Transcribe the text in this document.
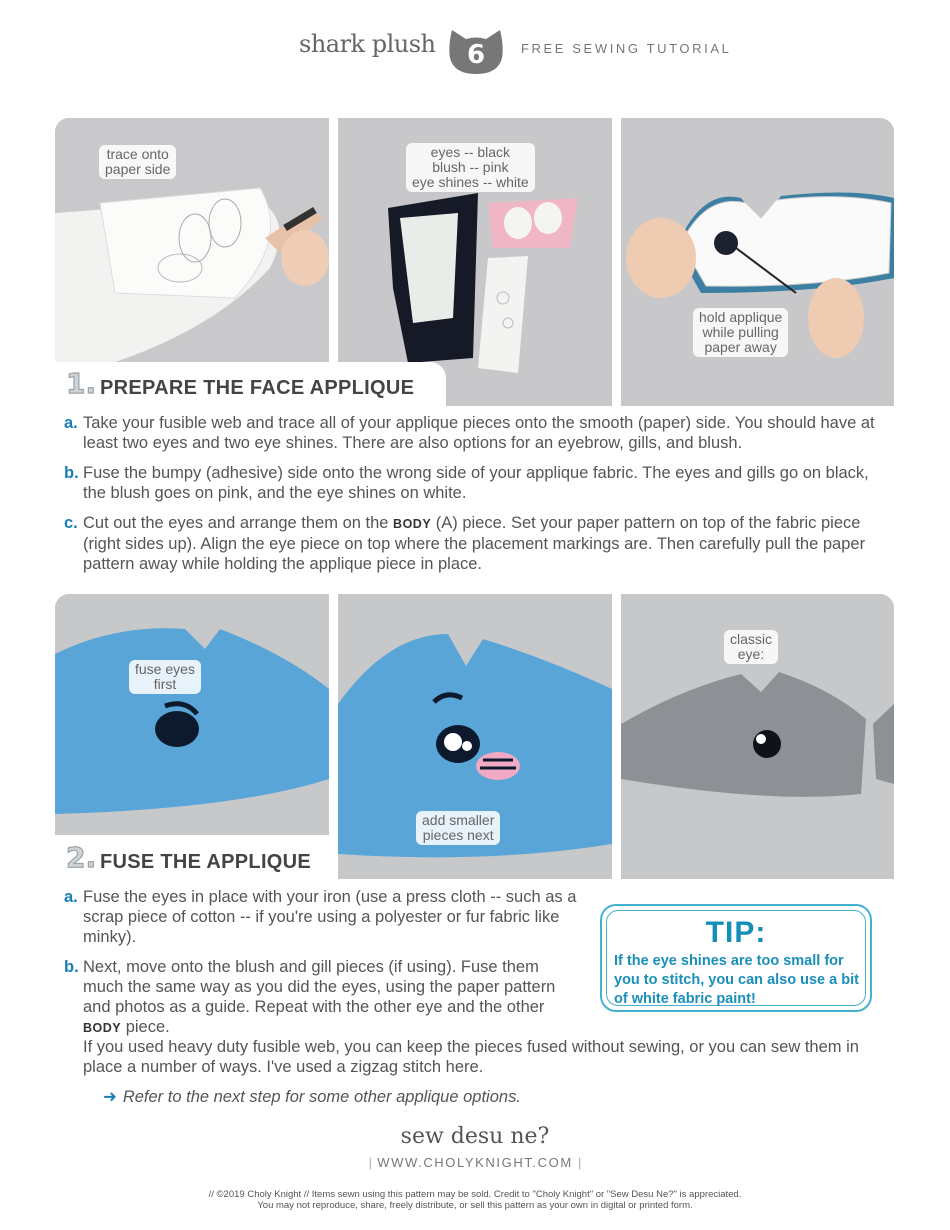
shark plush	6	FREE SEWING TUTORIAL
trace onto
paper side
eyes -- black
blush -- pink
eye shines -- white
hold applique
while pulling
paper away
1. PREPARE THE FACE APPLIQUE
a. Take your fusible web and trace all of your applique pieces onto the smooth (paper) side. You should have at least two eyes and two eye shines. There are also options for an eyebrow, gills, and blush.
b. Fuse the bumpy (adhesive) side onto the wrong side of your applique fabric. The eyes and gills go on black, the blush goes on pink, and the eye shines on white.
c. Cut out the eyes and arrange them on the BODY (A) piece. Set your paper pattern on top of the fabric piece (right sides up). Align the eye piece on top where the placement markings are. Then carefully pull the paper pattern away while holding the applique piece in place.
fuse eyes
first
add smaller
pieces next
classic
eye:
2. FUSE THE APPLIQUE
a. Fuse the eyes in place with your iron (use a press cloth -- such as a scrap piece of cotton -- if you're using a polyester or fur fabric like minky).
b. Next, move onto the blush and gill pieces (if using). Fuse them much the same way as you did the eyes, using the paper pattern and photos as a guide. Repeat with the other eye and the other BODY piece.
If you used heavy duty fusible web, you can keep the pieces fused without sewing, or you can sew them in place a number of ways. I've used a zigzag stitch here.
TIP:
If the eye shines are too small for you to stitch, you can also use a bit of white fabric paint!
➜ Refer to the next step for some other applique options.
sew desu ne?
| WWW.CHOLYKNIGHT.COM |
// ©2019 Choly Knight // Items sewn using this pattern may be sold. Credit to "Choly Knight" or "Sew Desu Ne?" is appreciated.
You may not reproduce, share, freely distribute, or sell this pattern as your own in digital or printed form.
